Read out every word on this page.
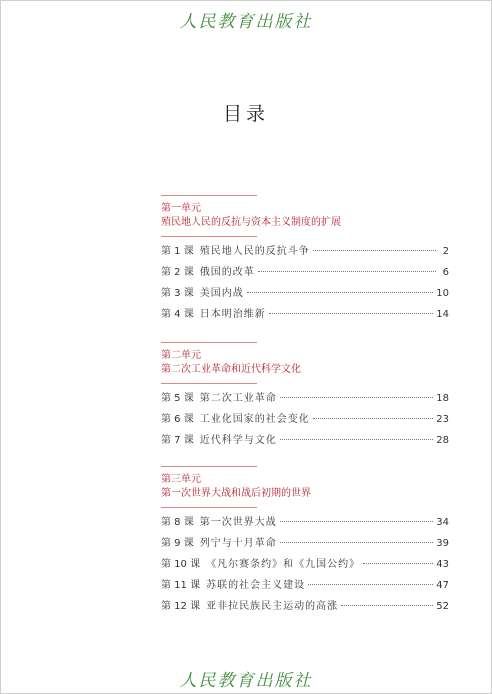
人民教育出版社
目录
第一单元
殖民地人民的反抗与资本主义制度的扩展
第 1 课 殖民地人民的反抗斗争	2
第 2 课 俄国的改革	6
第 3 课 美国内战	10
第 4 课 日本明治维新	14
第二单元
第二次工业革命和近代科学文化
第 5 课 第二次工业革命	18
第 6 课 工业化国家的社会变化	23
第 7 课 近代科学与文化	28
第三单元
第一次世界大战和战后初期的世界
第 8 课 第一次世界大战	34
第 9 课 列宁与十月革命	39
第 10 课 《凡尔赛条约》和《九国公约》	43
第 11 课 苏联的社会主义建设	47
第 12 课 亚非拉民族民主运动的高涨	52
人民教育出版社
